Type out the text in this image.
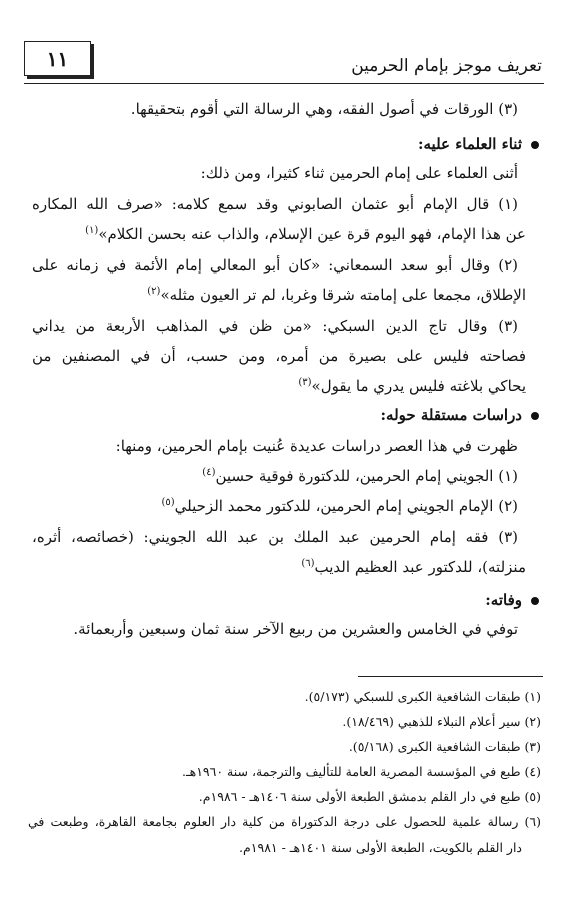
١١	تعريف موجز بإمام الحرمين
(٣) الورقات في أصول الفقه، وهي الرسالة التي أقوم بتحقيقها.
ثناء العلماء عليه:
أثنى العلماء على إمام الحرمين ثناء كثيرا، ومن ذلك:
(١) قال الإمام أبو عثمان الصابوني وقد سمع كلامه: «صرف الله المكاره
عن هذا الإمام، فهو اليوم قرة عين الإسلام، والذاب عنه بحسن الكلام»$^{(١)}$
(٢) وقال أبو سعد السمعاني: «كان أبو المعالي إمام الأئمة في زمانه على
الإطلاق، مجمعا على إمامته شرقا وغربا، لم تر العيون مثله»$^{(٢)}$
(٣) وقال تاج الدين السبكي: «من ظن في المذاهب الأربعة من يداني
فصاحته فليس على بصيرة من أمره، ومن حسب، أن في المصنفين من
يحاكي بلاغته فليس يدري ما يقول»$^{(٣)}$
دراسات مستقلة حوله:
ظهرت في هذا العصر دراسات عديدة عُنيت بإمام الحرمين، ومنها:
(١) الجويني إمام الحرمين، للدكتورة فوقية حسين$^{(٤)}$
(٢) الإمام الجويني إمام الحرمين، للدكتور محمد الزحيلي$^{(٥)}$
(٣) فقه إمام الحرمين عبد الملك بن عبد الله الجويني: (خصائصه، أثره،
منزلته)، للدكتور عبد العظيم الديب$^{(٦)}$
وفاته:
توفي في الخامس والعشرين من ربيع الآخر سنة ثمان وسبعين وأربعمائة.
(١) طبقات الشافعية الكبرى للسبكي (٥/١٧٣).
(٢) سير أعلام النبلاء للذهبي (١٨/٤٦٩).
(٣) طبقات الشافعية الكبرى (٥/١٦٨).
(٤) طبع في المؤسسة المصرية العامة للتأليف والترجمة، سنة ١٩٦٠هـ.
(٥) طبع في دار القلم بدمشق الطبعة الأولى سنة ١٤٠٦هـ - ١٩٨٦م.
(٦) رسالة علمية للحصول على درجة الدكتوراة من كلية دار العلوم بجامعة القاهرة، وطبعت في
دار القلم بالكويت، الطبعة الأولى سنة ١٤٠١هـ - ١٩٨١م.
